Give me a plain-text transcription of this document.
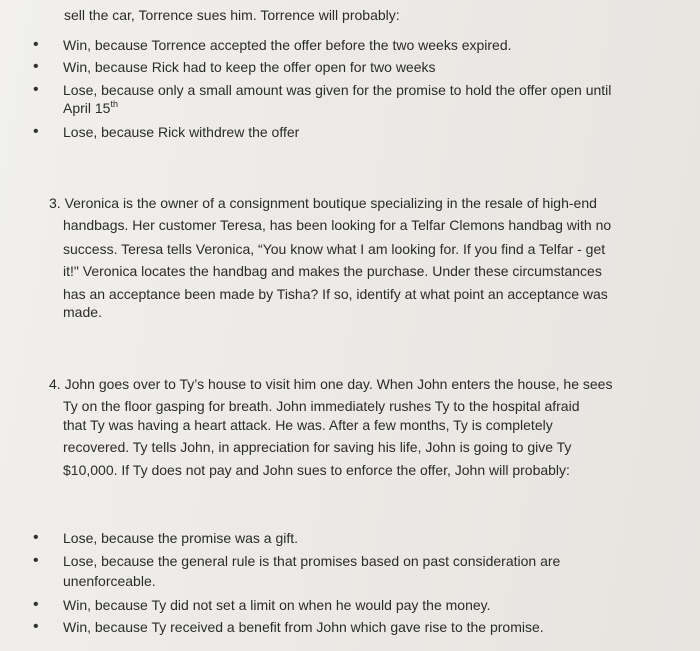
sell the car, Torrence sues him. Torrence will probably:
• Win, because Torrence accepted the offer before the two weeks expired.
• Win, because Rick had to keep the offer open for two weeks
• Lose, because only a small amount was given for the promise to hold the offer open until
April 15th
• Lose, because Rick withdrew the offer
3. Veronica is the owner of a consignment boutique specializing in the resale of high-end
handbags. Her customer Teresa, has been looking for a Telfar Clemons handbag with no
success. Teresa tells Veronica, “You know what I am looking for. If you find a Telfar - get
it!" Veronica locates the handbag and makes the purchase. Under these circumstances
has an acceptance been made by Tisha? If so, identify at what point an acceptance was
made.
4. John goes over to Ty’s house to visit him one day. When John enters the house, he sees
Ty on the floor gasping for breath. John immediately rushes Ty to the hospital afraid
that Ty was having a heart attack. He was. After a few months, Ty is completely
recovered. Ty tells John, in appreciation for saving his life, John is going to give Ty
$10,000. If Ty does not pay and John sues to enforce the offer, John will probably:
• Lose, because the promise was a gift.
• Lose, because the general rule is that promises based on past consideration are
unenforceable.
• Win, because Ty did not set a limit on when he would pay the money.
• Win, because Ty received a benefit from John which gave rise to the promise.
